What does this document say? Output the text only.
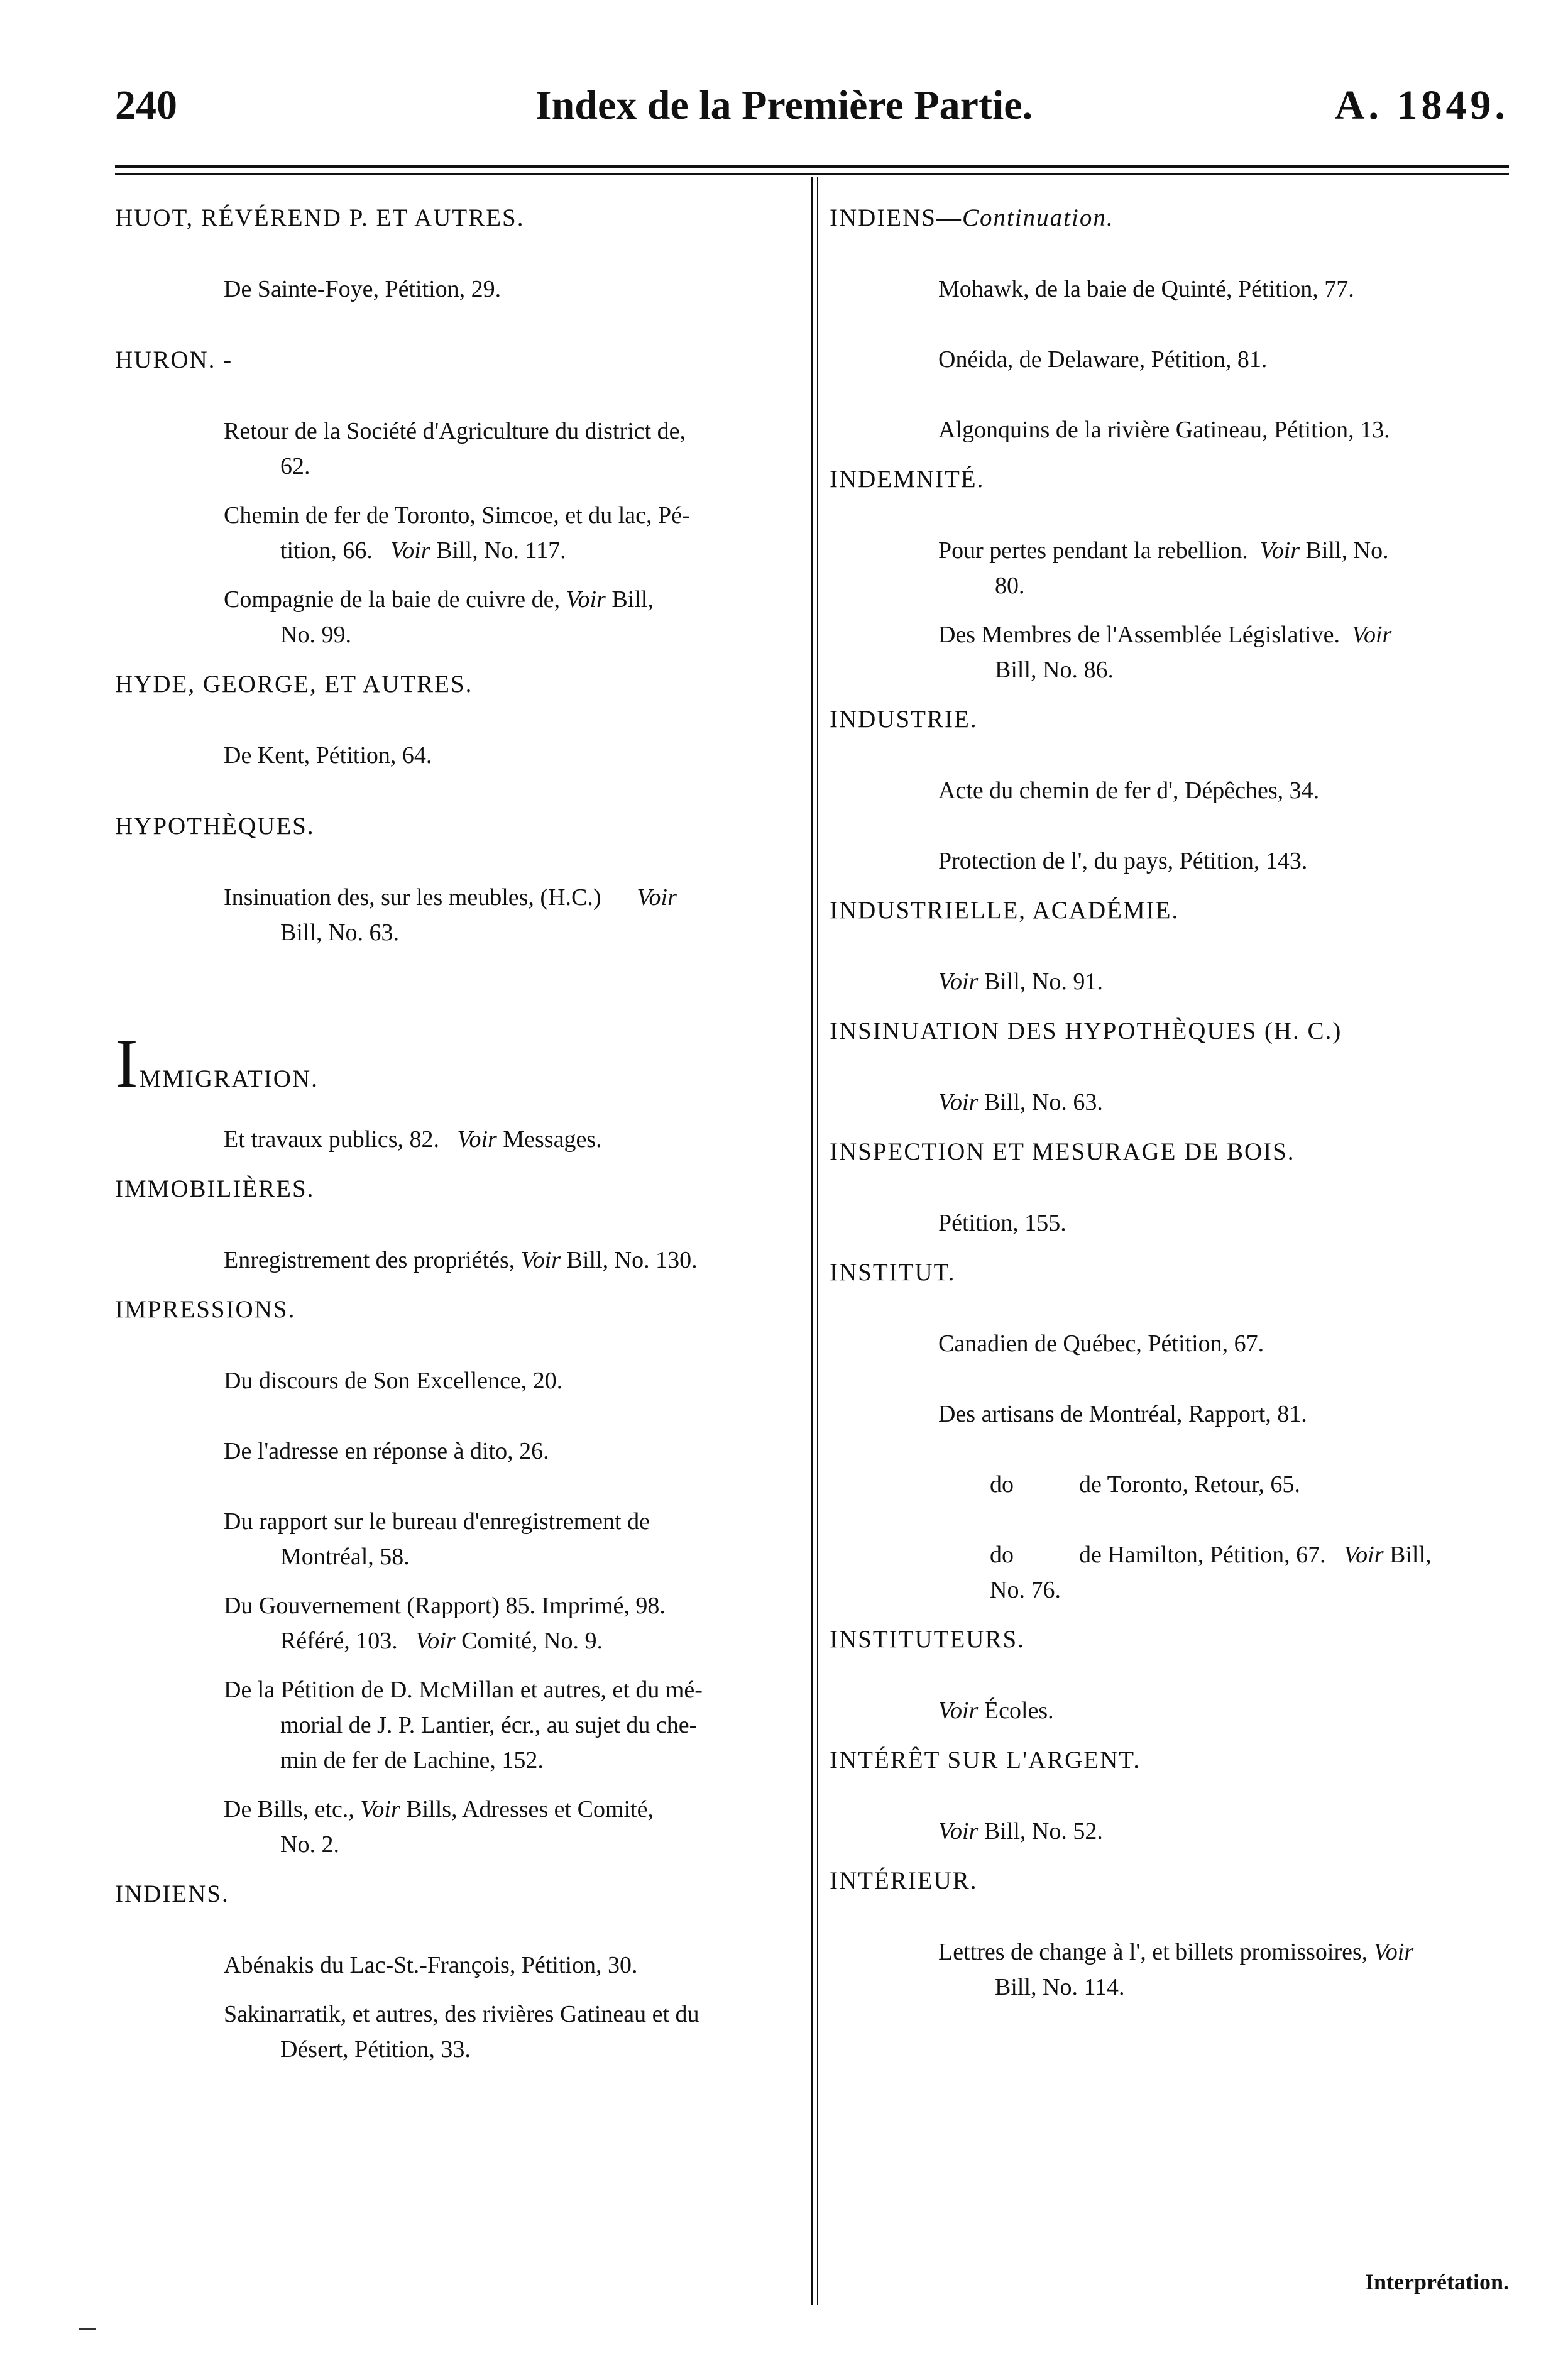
240	Index de la Première Partie.	A. 1849.
HUOT, RÉVÉREND P. ET AUTRES.
De Sainte-Foye, Pétition, 29.
HURON. -
Retour de la Société d'Agriculture du district de,
62.
Chemin de fer de Toronto, Simcoe, et du lac, Pé-
tition, 66. Voir Bill, No. 117.
Compagnie de la baie de cuivre de, Voir Bill,
No. 99.
HYDE, GEORGE, ET AUTRES.
De Kent, Pétition, 64.
HYPOTHÈQUES.
Insinuation des, sur les meubles, (H.C.) Voir
Bill, No. 63.
IMMIGRATION.
Et travaux publics, 82. Voir Messages.
IMMOBILIÈRES.
Enregistrement des propriétés, Voir Bill, No. 130.
IMPRESSIONS.
Du discours de Son Excellence, 20.
De l'adresse en réponse à dito, 26.
Du rapport sur le bureau d'enregistrement de
Montréal, 58.
Du Gouvernement (Rapport) 85. Imprimé, 98.
Référé, 103. Voir Comité, No. 9.
De la Pétition de D. McMillan et autres, et du mé-
morial de J. P. Lantier, écr., au sujet du che-
min de fer de Lachine, 152.
De Bills, etc., Voir Bills, Adresses et Comité,
No. 2.
INDIENS.
Abénakis du Lac-St.-François, Pétition, 30.
Sakinarratik, et autres, des rivières Gatineau et du
Désert, Pétition, 33.
INDIENS—Continuation.
Mohawk, de la baie de Quinté, Pétition, 77.
Onéida, de Delaware, Pétition, 81.
Algonquins de la rivière Gatineau, Pétition, 13.
INDEMNITÉ.
Pour pertes pendant la rebellion. Voir Bill, No.
80.
Des Membres de l'Assemblée Législative. Voir
Bill, No. 86.
INDUSTRIE.
Acte du chemin de fer d', Dépêches, 34.
Protection de l', du pays, Pétition, 143.
INDUSTRIELLE, ACADÉMIE.
Voir Bill, No. 91.
INSINUATION DES HYPOTHÈQUES (H. C.)
Voir Bill, No. 63.
INSPECTION ET MESURAGE DE BOIS.
Pétition, 155.
INSTITUT.
Canadien de Québec, Pétition, 67.
Des artisans de Montréal, Rapport, 81.
do	de Toronto, Retour, 65.
do	de Hamilton, Pétition, 67. Voir Bill,
No. 76.
INSTITUTEURS.
Voir Écoles.
INTÉRÊT SUR L'ARGENT.
Voir Bill, No. 52.
INTÉRIEUR.
Lettres de change à l', et billets promissoires, Voir
Bill, No. 114.
Interprétation.
